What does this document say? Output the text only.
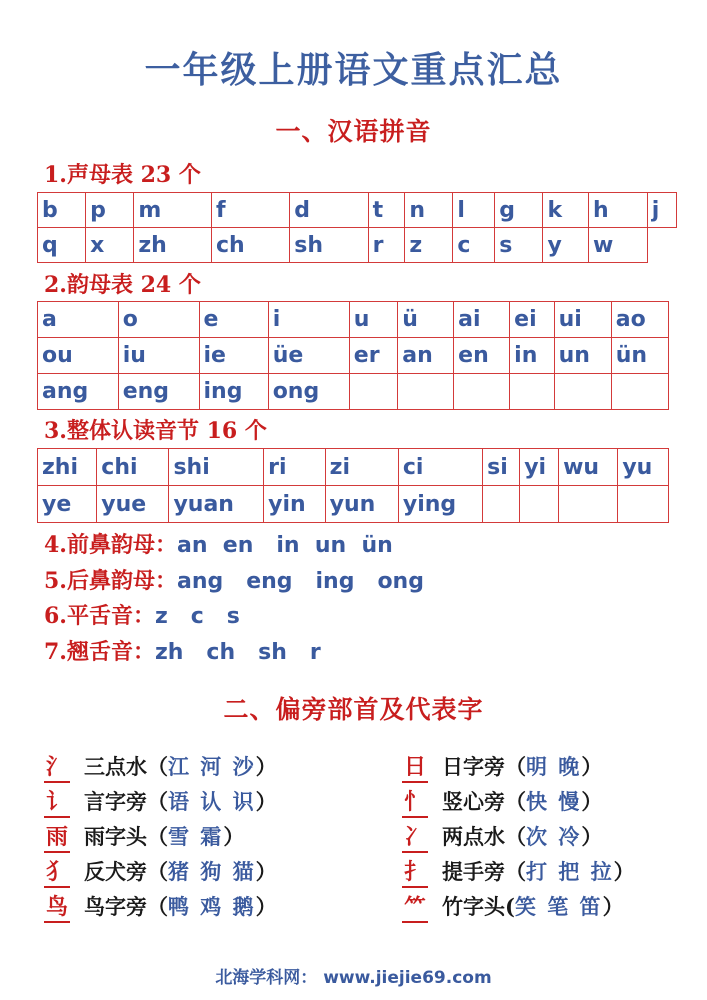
一年级上册语文重点汇总
一、汉语拼音
1.声母表 23 个
b	p	m	f	d	t	n	l	g	k	h	j
q	x	zh	ch	sh	r	z	c	s	y	w	
2.韵母表 24 个
a	o	e	i	u	ü	ai	ei	ui	ao
ou	iu	ie	üe	er	an	en	in	un	ün
ang	eng	ing	ong						
3.整体认读音节 16 个
zhi	chi	shi	ri	zi	ci	si	yi	wu	yu
ye	yue	yuan	yin	yun	ying				
4.前鼻韵母：an  en   in  un  ün
5.后鼻韵母：ang   eng   ing   ong
6.平舌音：z   c   s
7.翘舌音：zh   ch   sh   r
二、偏旁部首及代表字
氵 三点水（江 河 沙）
讠 言字旁（语 认 识）
雨 雨字头（雪 霜）
犭 反犬旁（猪 狗 猫）
鸟 鸟字旁（鸭 鸡 鹅）
日 日字旁（明 晚）
忄 竖心旁（快 慢）
冫 两点水（次 冷）
扌 提手旁（打 把 拉）
⺮ 竹字头(笑 笔 笛）
北海学科网： www.jiejie69.com
